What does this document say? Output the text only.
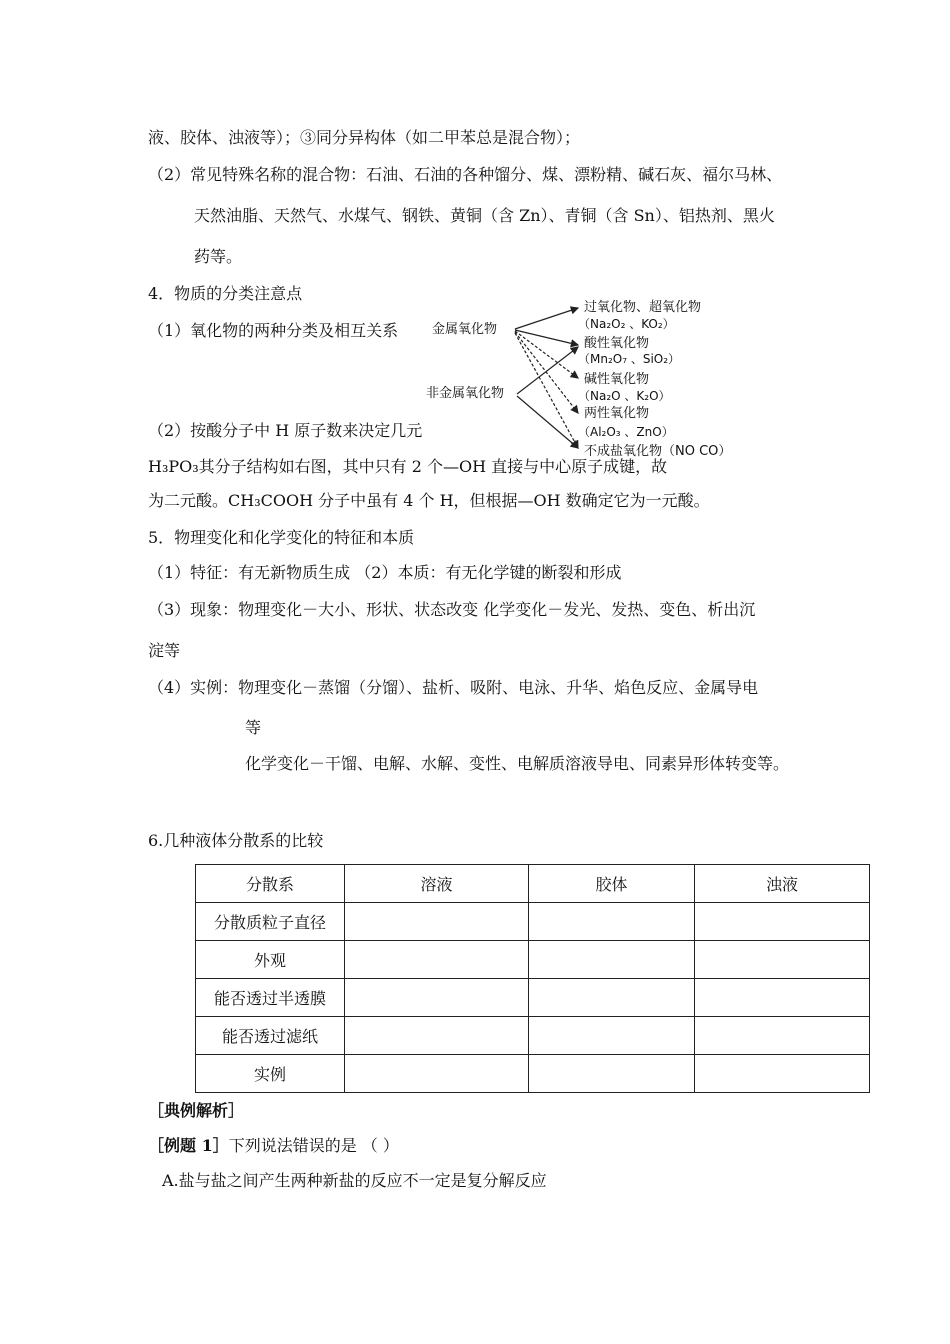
液、胶体、浊液等）；③同分异构体（如二甲苯总是混合物）；
（2）常见特殊名称的混合物：石油、石油的各种馏分、煤、漂粉精、碱石灰、福尔马林、
天然油脂、天然气、水煤气、钢铁、黄铜（含 Zn）、青铜（含 Sn）、铝热剂、黑火
药等。
4．物质的分类注意点
（1）氧化物的两种分类及相互关系	金属氧化物
非金属氧化物
过氧化物、超氧化物
（Na₂O₂ 、KO₂）
酸性氧化物
（Mn₂O₇ 、SiO₂）
碱性氧化物
（Na₂O 、K₂O）
两性氧化物
（Al₂O₃ 、ZnO）
不成盐氧化物（NO CO）
（2）按酸分子中 H 原子数来决定几元
H₃PO₃其分子结构如右图，其中只有 2 个—OH 直接与中心原子成键，故
为二元酸。CH₃COOH 分子中虽有 4 个 H，但根据—OH 数确定它为一元酸。
5．物理变化和化学变化的特征和本质
（1）特征：有无新物质生成 （2）本质：有无化学键的断裂和形成
（3）现象：物理变化－大小、形状、状态改变 化学变化－发光、发热、变色、析出沉
淀等
（4）实例：物理变化－蒸馏（分馏）、盐析、吸附、电泳、升华、焰色反应、金属导电
等
化学变化－干馏、电解、水解、变性、电解质溶液导电、同素异形体转变等。
6.几种液体分散系的比较
分散系	溶液	胶体	浊液
分散质粒子直径			
外观			
能否透过半透膜			
能否透过滤纸			
实例			
［典例解析］
［例题 1］下列说法错误的是 （ ）
A.盐与盐之间产生两种新盐的反应不一定是复分解反应
